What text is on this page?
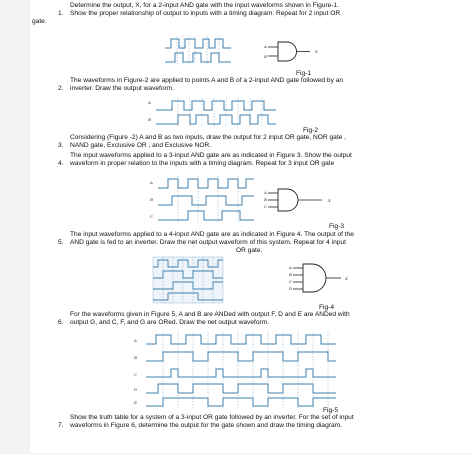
1.

Determine the output, X, for a 2-input AND gate with the input waveforms shown in Figure-1.

Show the proper relationship of output to inputs with a timing diagram. Repeat for 2 input OR

gate.
A
B
X
Fig-1

2.

The waveforms in Figure-2 are applied to points A and B of a 2-input AND gate followed by an

inverter. Draw the output waveform.

A
B
Fig-2

3.

Considering (Figure -2) A and B as two inputs, draw the output for 2 input OR gate, NOR gate ,

NAND gate, Exclusive OR , and Exclusive NOR.

4.

The input waveforms applied to a 3-input AND gate are as indicated in Figure 3. Show the output

waveform in proper relation to the inputs with a timing diagram. Repeat for 3 input OR gate

A
B
C
A
B
C
X
Fig-3

5.

The input waveforms applied to a 4-input AND gate are as indicated in Figure 4. The output of the

AND gate is fed to an inverter. Draw the net output waveform of this system. Repeat for 4 input

OR gate.

A
B
C
D
X
Fig-4

6.

For the waveforms given in Figure 5, A and B are ANDed with output F, D and E are ANDed with

output G, and C, F, and G are ORed. Draw the net output waveform.

A
B
C
D
E
Fig-5

7.

Show the truth table for a system of a 3-input OR gate followed by an inverter. For the set of input

waveforms in Figure 6, determine the output for the gate shown and draw the timing diagram.
